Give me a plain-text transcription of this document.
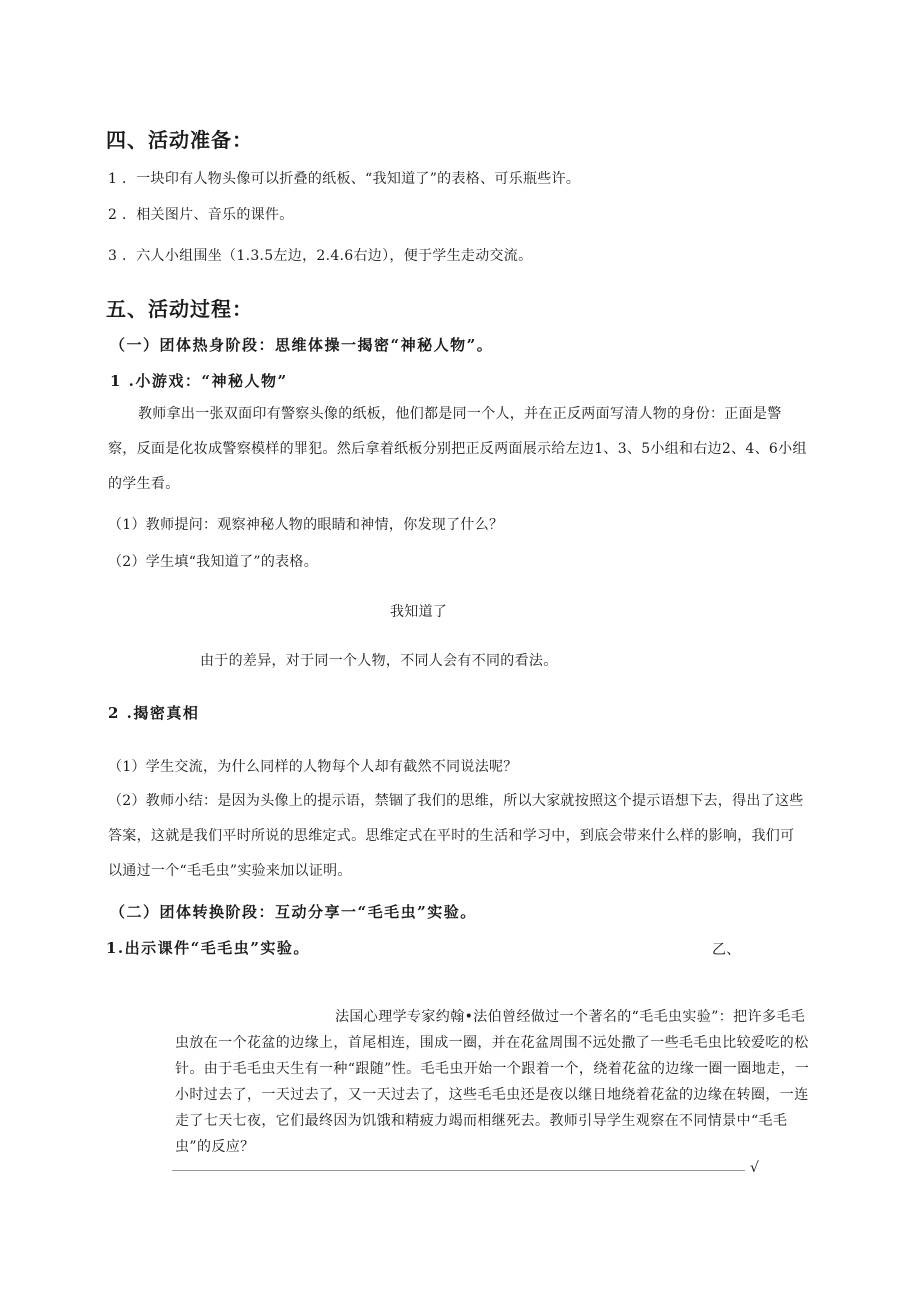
四、活动准备：
1 ．一块印有人物头像可以折叠的纸板、“我知道了”的表格、可乐瓶些许。
2 ．相关图片、音乐的课件。
3 ．六人小组围坐（1.3.5左边，2.4.6右边），便于学生走动交流。
五、活动过程：
（一）团体热身阶段：思维体操一揭密“神秘人物”。
1 .小游戏：“神秘人物”
教师拿出一张双面印有警察头像的纸板，他们都是同一个人，并在正反两面写清人物的身份：正面是警察，反面是化妆成警察模样的罪犯。然后拿着纸板分别把正反两面展示给左边1、3、5小组和右边2、4、6小组的学生看。
（1）教师提问：观察神秘人物的眼睛和神情，你发现了什么？
（2）学生填“我知道了”的表格。
我知道了
由于的差异，对于同一个人物，不同人会有不同的看法。
2 .揭密真相
（1）学生交流，为什么同样的人物每个人却有截然不同说法呢？
（2）教师小结：是因为头像上的提示语，禁锢了我们的思维，所以大家就按照这个提示语想下去，得出了这些答案，这就是我们平时所说的思维定式。思维定式在平时的生活和学习中，到底会带来什么样的影响，我们可以通过一个“毛毛虫”实验来加以证明。
（二）团体转换阶段：互动分享一“毛毛虫”实验。
1.出示课件“毛毛虫”实验。	乙、
法国心理学专家约翰•法伯曾经做过一个著名的“毛毛虫实验”：把许多毛毛虫放在一个花盆的边缘上，首尾相连，围成一圈，并在花盆周围不远处撒了一些毛毛虫比较爱吃的松针。由于毛毛虫天生有一种“跟随”性。毛毛虫开始一个跟着一个，绕着花盆的边缘一圈一圈地走，一小时过去了，一天过去了，又一天过去了，这些毛毛虫还是夜以继日地绕着花盆的边缘在转圈，一连走了七天七夜，它们最终因为饥饿和精疲力竭而相继死去。教师引导学生观察在不同情景中“毛毛虫”的反应？
√
